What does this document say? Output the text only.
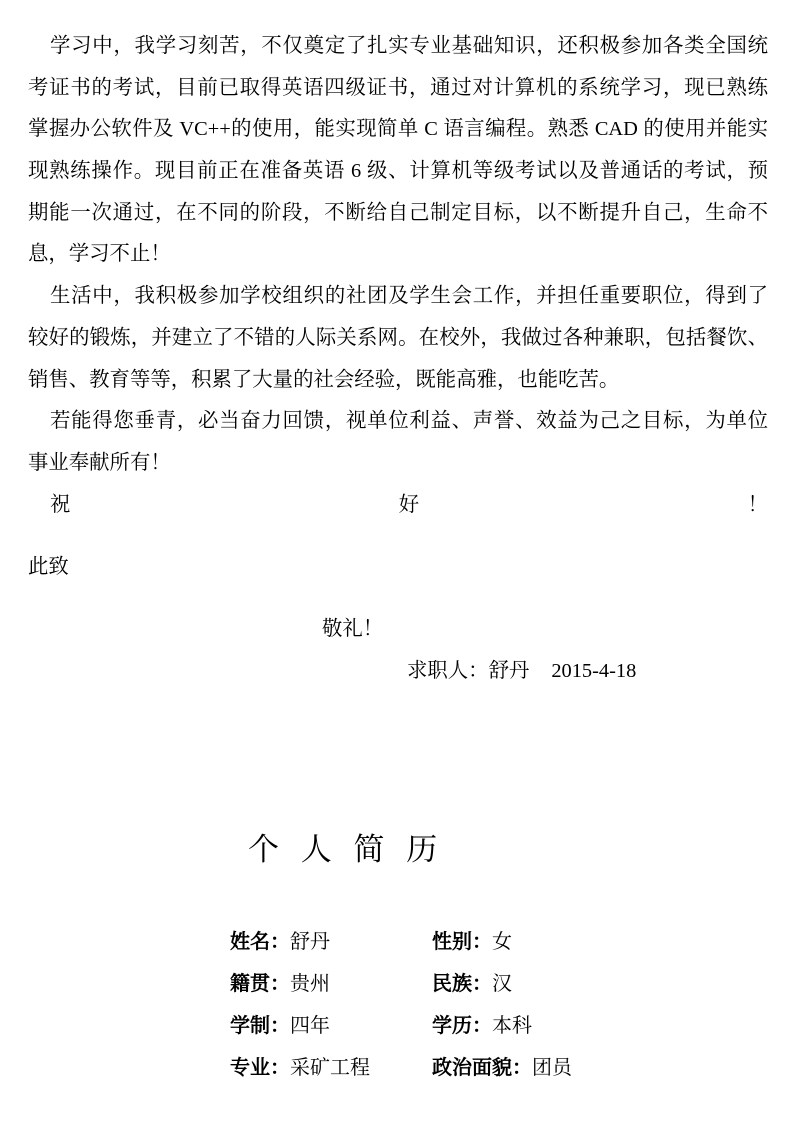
学习中，我学习刻苦，不仅奠定了扎实专业基础知识，还积极参加各类全国统
考证书的考试，目前已取得英语四级证书，通过对计算机的系统学习，现已熟练
掌握办公软件及 VC++的使用，能实现简单 C 语言编程。熟悉 CAD 的使用并能实
现熟练操作。现目前正在准备英语 6 级、计算机等级考试以及普通话的考试，预
期能一次通过，在不同的阶段，不断给自己制定目标，以不断提升自己，生命不
息，学习不止！
生活中，我积极参加学校组织的社团及学生会工作，并担任重要职位，得到了
较好的锻炼，并建立了不错的人际关系网。在校外，我做过各种兼职，包括餐饮、
销售、教育等等，积累了大量的社会经验，既能高雅，也能吃苦。
若能得您垂青，必当奋力回馈，视单位利益、声誉、效益为己之目标，为单位
事业奉献所有！
祝好！
此致
敬礼！
求职人：舒丹 2015-4-18
个 人 简 历
姓名：舒丹	性别：女
籍贯：贵州	民族：汉
学制：四年	学历：本科
专业：采矿工程	政治面貌：团员
